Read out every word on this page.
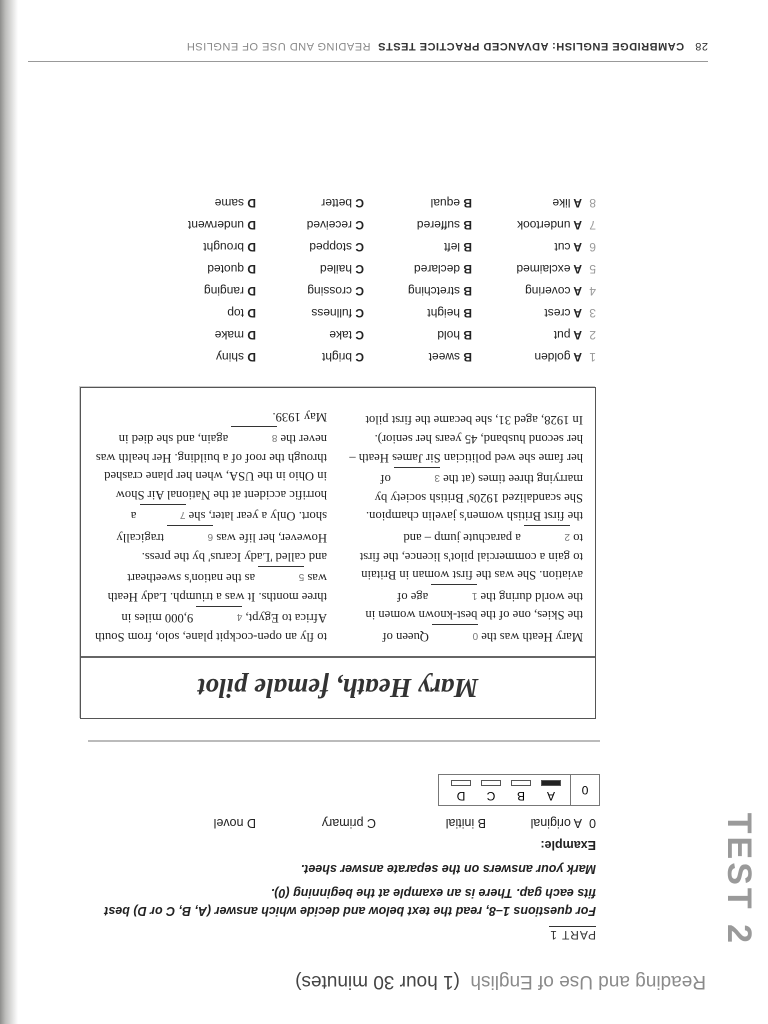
TEST 2
Reading and Use of English  (1 hour 30 minutes)
PART 1
For questions 1–8, read the text below and decide which answer (A, B, C or D) best fits each gap. There is an example at the beginning (0).
Mark your answers on the separate answer sheet.
Example:
0
A original
B initial
C primary
D novel
0
A
B
C
D
Mary Heath, female pilot
Mary Heath was the 0 Queen of
the Skies, one of the best-known women in
the world during the 1 age of
aviation. She was the first woman in Britain
to gain a commercial pilot's licence, the first
to 2 a parachute jump – and
the first British women's javelin champion.
She scandalized 1920s' British society by
marrying three times (at the 3 of
her fame she wed politician Sir James Heath –
her second husband, 45 years her senior).
In 1928, aged 31, she became the first pilot
to fly an open-cockpit plane, solo, from South
Africa to Egypt, 4 9,000 miles in
three months. It was a triumph. Lady Heath
was 5 as the nation's sweetheart
and called 'Lady Icarus' by the press.
However, her life was 6 tragically
short. Only a year later, she 7 a
horrific accident at the National Air Show
in Ohio in the USA, when her plane crashed
through the roof of a building. Her health was
never the 8 again, and she died in
May 1939.
1
A golden
B sweet
C bright
D shiny
2
A put
B hold
C take
D make
3
A crest
B height
C fullness
D top
4
A covering
B stretching
C crossing
D ranging
5
A exclaimed
B declared
C hailed
D quoted
6
A cut
B left
C stopped
D brought
7
A undertook
B suffered
C received
D underwent
8
A like
B equal
C better
D same
28   CAMBRIDGE ENGLISH: ADVANCED PRACTICE TESTS  READING AND USE OF ENGLISH
